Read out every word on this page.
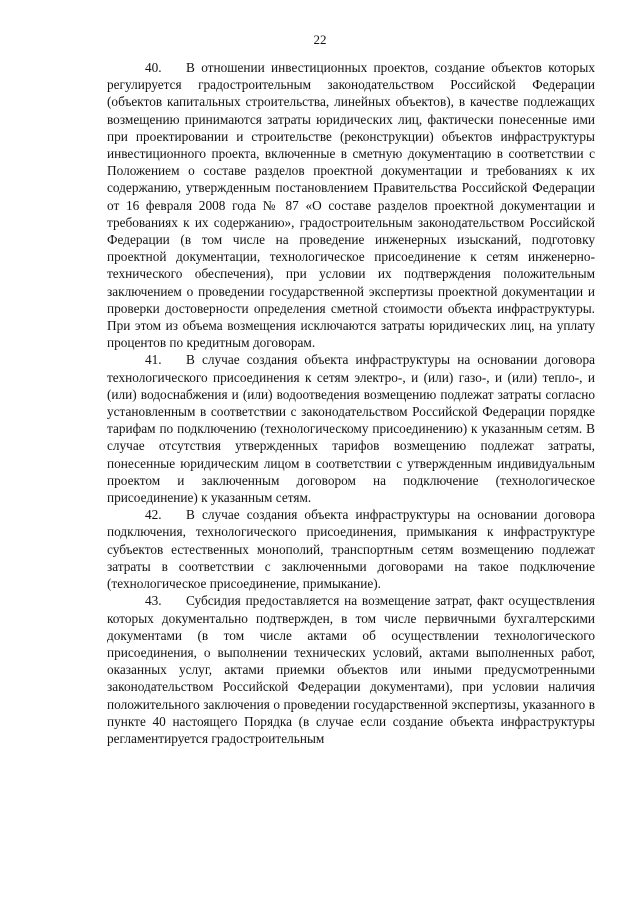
22

40. В отношении инвестиционных проектов, создание объектов которых регулируется градостроительным законодательством Российской Федерации (объектов капитальных строительства, линейных объектов), в качестве подлежащих возмещению принимаются затраты юридических лиц, фактически понесенные ими при проектировании и строительстве (реконструкции) объектов инфраструктуры инвестиционного проекта, включенные в сметную документацию в соответствии с Положением о составе разделов проектной документации и требованиях к их содержанию, утвержденным постановлением Правительства Российской Федерации от 16 февраля 2008 года № 87 «О составе разделов проектной документации и требованиях к их содержанию», градостроительным законодательством Российской Федерации (в том числе на проведение инженерных изысканий, подготовку проектной документации, технологическое присоединение к сетям инженерно-технического обеспечения), при условии их подтверждения положительным заключением о проведении государственной экспертизы проектной документации и проверки достоверности определения сметной стоимости объекта инфраструктуры. При этом из объема возмещения исключаются затраты юридических лиц, на уплату процентов по кредитным договорам.

41. В случае создания объекта инфраструктуры на основании договора технологического присоединения к сетям электро-, и (или) газо-, и (или) тепло-, и (или) водоснабжения и (или) водоотведения возмещению подлежат затраты согласно установленным в соответствии с законодательством Российской Федерации порядке тарифам по подключению (технологическому присоединению) к указанным сетям. В случае отсутствия утвержденных тарифов возмещению подлежат затраты, понесенные юридическим лицом в соответствии с утвержденным индивидуальным проектом и заключенным договором на подключение (технологическое присоединение) к указанным сетям.

42. В случае создания объекта инфраструктуры на основании договора подключения, технологического присоединения, примыкания к инфраструктуре субъектов естественных монополий, транспортным сетям возмещению подлежат затраты в соответствии с заключенными договорами на такое подключение (технологическое присоединение, примыкание).

43. Субсидия предоставляется на возмещение затрат, факт осуществления которых документально подтвержден, в том числе первичными бухгалтерскими документами (в том числе актами об осуществлении технологического присоединения, о выполнении технических условий, актами выполненных работ, оказанных услуг, актами приемки объектов или иными предусмотренными законодательством Российской Федерации документами), при условии наличия положительного заключения о проведении государственной экспертизы, указанного в пункте 40 настоящего Порядка (в случае если создание объекта инфраструктуры регламентируется градостроительным
